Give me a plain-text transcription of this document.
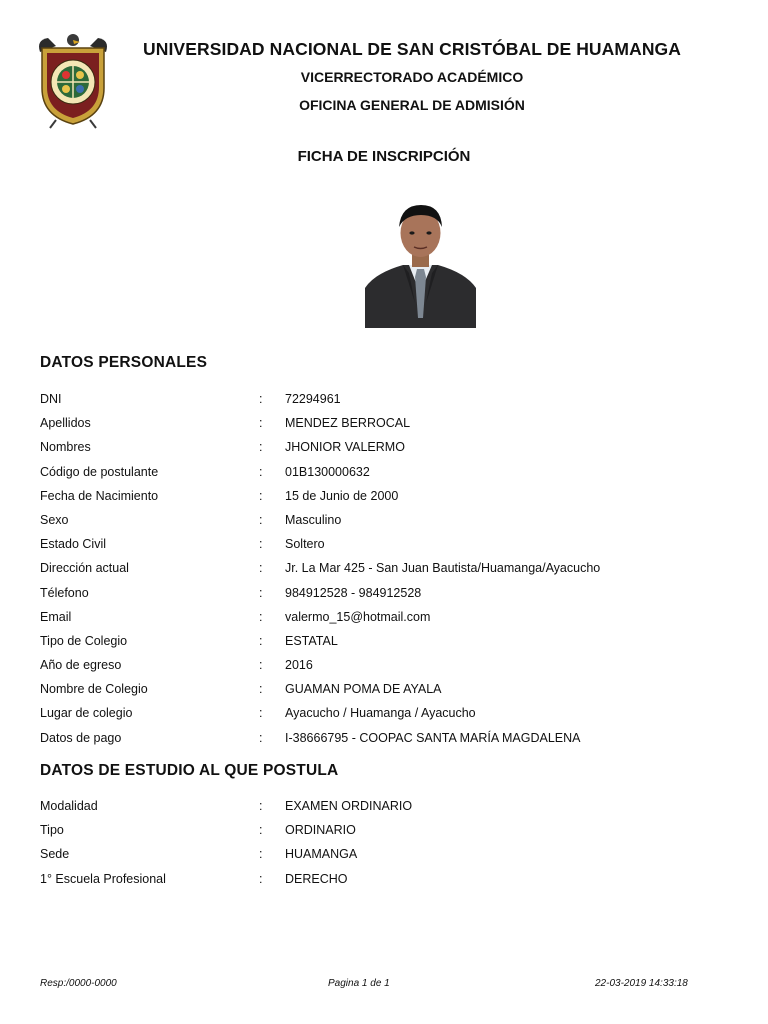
UNIVERSIDAD NACIONAL DE SAN CRISTÓBAL DE HUAMANGA
VICERRECTORADO ACADÉMICO
OFICINA GENERAL DE ADMISIÓN
FICHA DE INSCRIPCIÓN
DATOS PERSONALES
DNI	: 72294961
Apellidos	: MENDEZ BERROCAL
Nombres	: JHONIOR VALERMO
Código de postulante	: 01B130000632
Fecha de Nacimiento	: 15 de Junio de 2000
Sexo	: Masculino
Estado Civil	: Soltero
Dirección actual	: Jr. La Mar 425 - San Juan Bautista/Huamanga/Ayacucho
Télefono	: 984912528 - 984912528
Email	: valermo_15@hotmail.com
Tipo de Colegio	: ESTATAL
Año de egreso	: 2016
Nombre de Colegio	: GUAMAN POMA DE AYALA
Lugar de colegio	: Ayacucho / Huamanga / Ayacucho
Datos de pago	: I-38666795 - COOPAC SANTA MARÍA MAGDALENA
DATOS DE ESTUDIO AL QUE POSTULA
Modalidad	: EXAMEN ORDINARIO
Tipo	: ORDINARIO
Sede	: HUAMANGA
1° Escuela Profesional	: DERECHO
Resp:/0000-0000	Pagina 1 de 1	22-03-2019 14:33:18
